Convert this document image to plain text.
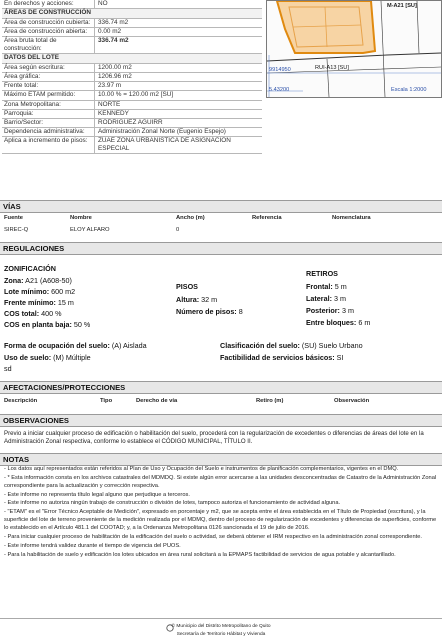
En derechos y acciones:	NO
ÁREAS DE CONSTRUCCIÓN
Área de construcción cubierta:	336.74 m2
Área de construcción abierta:	0.00 m2
Área bruta total de construcción:
336.74 m2
DATOS DEL LOTE
Área según escritura:	1200.00 m2
Área gráfica:	1206.96 m2
Frente total:	23.97 m
Máximo ETAM permitido:	10.00 % = 120.00 m2 [SU]
Zona Metropolitana:	NORTE
Parroquia:	KENNEDY
Barrio/Sector:	RODRIGUEZ AGUIRR
Dependencia administrativa:	Administración Zonal Norte (Eugenio Espejo)
Aplica a incremento de pisos:	ZUAE ZONA URBANISTICA DE ASIGNACION ESPECIAL
M-A21 [SU]
RUI-A13 [SU]
9914950
5.43200	Escala 1:2000
VÍAS
Fuente	Nombre	Ancho (m)	Referencia	Nomenclatura
SIREC-Q	ELOY ALFARO	0
REGULACIONES
ZONIFICACIÓN
Zona: A21 (A608-50)
Lote mínimo: 600 m2
Frente mínimo: 15 m
COS total: 400 %
COS en planta baja: 50 %
PISOS
Altura: 32 m
Número de pisos: 8
RETIROS
Frontal: 5 m
Lateral: 3 m
Posterior: 3 m
Entre bloques: 6 m
Forma de ocupación del suelo: (A) Aislada
Uso de suelo: (M) Múltiple
sd
Clasificación del suelo: (SU) Suelo Urbano
Factibilidad de servicios básicos: SI
AFECTACIONES/PROTECCIONES
Descripción	Tipo	Derecho de vía	Retiro (m)	Observación
OBSERVACIONES
Previo a iniciar cualquier proceso de edificación o habilitación del suelo, procederá con la regularización de excedentes o diferencias de áreas del lote en la Administración Zonal respectiva, conforme lo establece el CÓDIGO MUNICIPAL, TÍTULO II.
NOTAS

- Los datos aquí representados están referidos al Plan de Uso y Ocupación del Suelo e instrumentos de planificación complementarios, vigentes en el DMQ.

- * Esta información consta en los archivos catastrales del MDMDQ. Si existe algún error acercarse a las unidades desconcentradas de Catastro de la Administración Zonal correspondiente para la actualización y corrección respectiva.

- Este informe no representa título legal alguno que perjudique a terceros.

- Este informe no autoriza ningún trabajo de construcción o división de lotes, tampoco autoriza el funcionamiento de actividad alguna.

- "ETAM" es el "Error Técnico Aceptable de Medición", expresado en porcentaje y m2, que se acepta entre el área establecida en el Título de Propiedad (escritura), y la superficie del lote de terreno proveniente de la medición realizada por el MDMQ, dentro del proceso de regularización de excedentes y diferencias de superficies, conforme lo establecido en el Artículo 481.1 del COOTAD; y, a la Ordenanza Metropolitana 0126 sancionada el 19 de julio de 2016.

- Para iniciar cualquier proceso de habilitación de la edificación del suelo o actividad, se deberá obtener el IRM respectivo en la administración zonal correspondiente.

- Este informe tendrá validez durante el tiempo de vigencia del PUOS.

- Para la habilitación de suelo y edificación los lotes ubicados en área rural solicitará a la EPMAPS factibilidad de servicios de agua potable y alcantarillado.

© Municipio del Distrito Metropolitano de Quito
Secretaría de Territorio Hábitat y Vivienda
